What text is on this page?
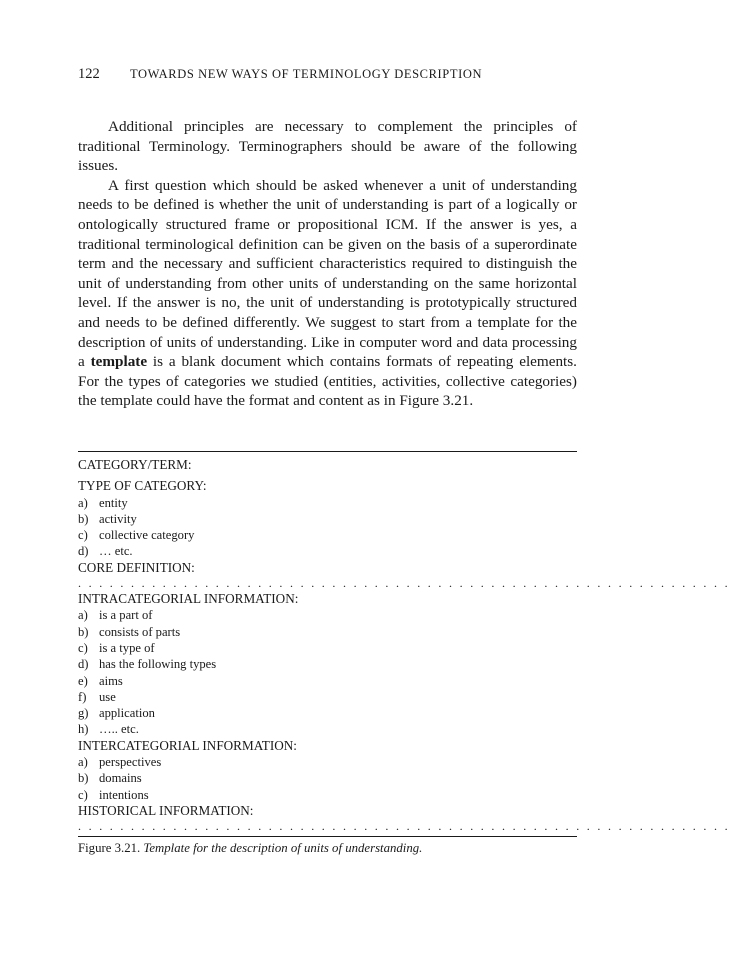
122 TOWARDS NEW WAYS OF TERMINOLOGY DESCRIPTION

Additional principles are necessary to complement the principles of traditional Terminology. Terminographers should be aware of the following issues.

A first question which should be asked whenever a unit of understanding needs to be defined is whether the unit of understanding is part of a logically or ontologically structured frame or propositional ICM. If the answer is yes, a traditional terminological definition can be given on the basis of a superordinate term and the necessary and sufficient characteristics required to distinguish the unit of understanding from other units of understanding on the same horizontal level. If the answer is no, the unit of understanding is prototypically structured and needs to be defined differently. We suggest to start from a template for the description of units of understanding. Like in computer word and data processing a template is a blank document which contains formats of repeating elements. For the types of categories we studied (entities, activities, collective categories) the template could have the format and content as in Figure 3.21.

CATEGORY/TERM:
TYPE OF CATEGORY:
a) entity
b) activity
c) collective category
d) … etc.
CORE DEFINITION:
. . . . . . . . . . . . . . . . . . . . . . . . . . . . . . . . . . . . . . . . . . . . . . . . . . . . . . . . . . . . . .
INTRACATEGORIAL INFORMATION:
a) is a part of
b) consists of parts
c) is a type of
d) has the following types
e) aims
f) use
g) application
h) ….. etc.
INTERCATEGORIAL INFORMATION:
a) perspectives
b) domains
c) intentions
HISTORICAL INFORMATION:
. . . . . . . . . . . . . . . . . . . . . . . . . . . . . . . . . . . . . . . . . . . . . . . . . . . . . . . . . . . . . .
Figure 3.21. Template for the description of units of understanding.
